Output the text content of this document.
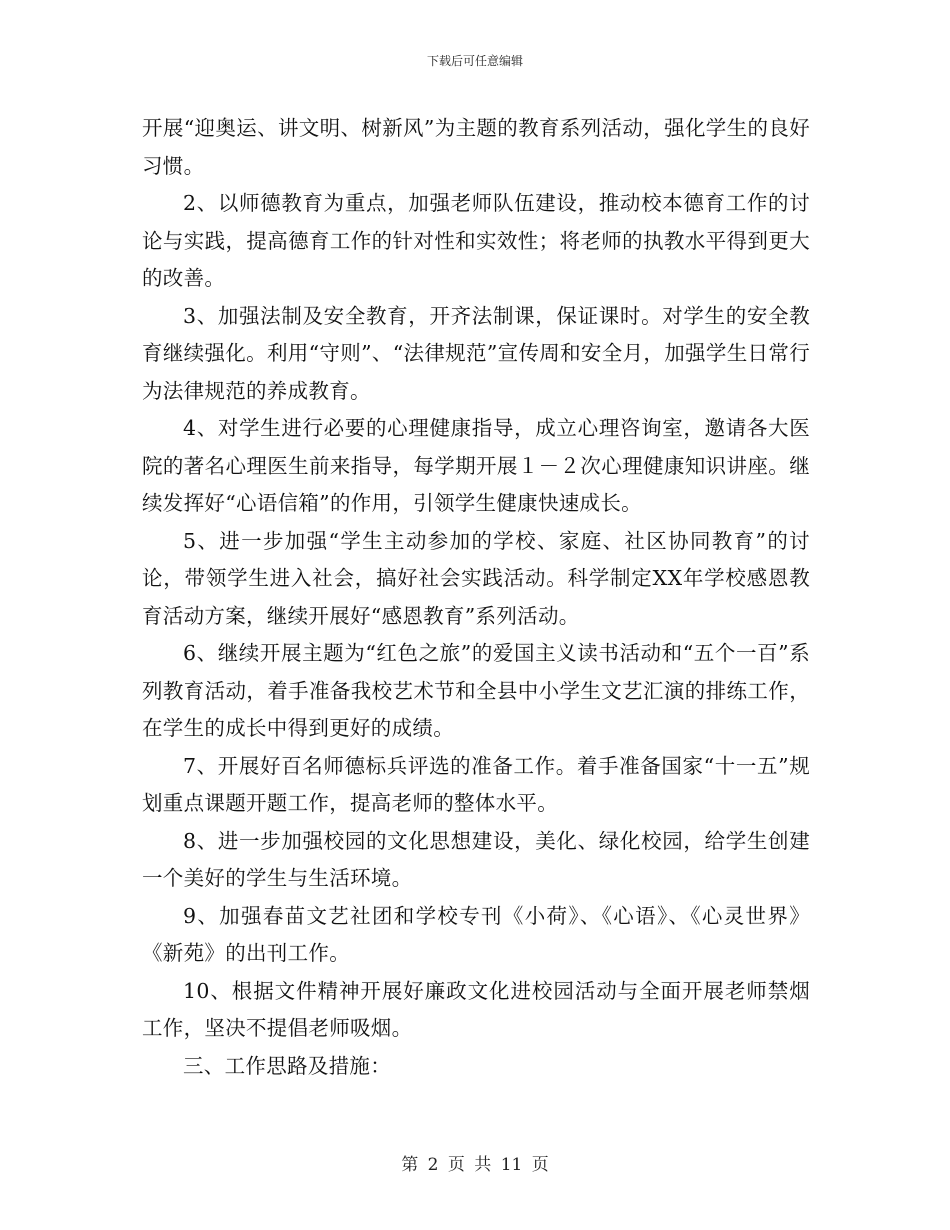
下载后可任意编辑

开展“迎奥运、讲文明、树新风”为主题的教育系列活动，强化学生的良好习惯。

2、以师德教育为重点，加强老师队伍建设，推动校本德育工作的讨论与实践，提高德育工作的针对性和实效性；将老师的执教水平得到更大的改善。

3、加强法制及安全教育，开齐法制课，保证课时。对学生的安全教育继续强化。利用“守则”、“法律规范”宣传周和安全月，加强学生日常行为法律规范的养成教育。

4、对学生进行必要的心理健康指导，成立心理咨询室，邀请各大医院的著名心理医生前来指导，每学期开展１－２次心理健康知识讲座。继续发挥好“心语信箱”的作用，引领学生健康快速成长。

5、进一步加强“学生主动参加的学校、家庭、社区协同教育”的讨论，带领学生进入社会，搞好社会实践活动。科学制定XX年学校感恩教育活动方案，继续开展好“感恩教育”系列活动。

6、继续开展主题为“红色之旅”的爱国主义读书活动和“五个一百”系列教育活动，着手准备我校艺术节和全县中小学生文艺汇演的排练工作，在学生的成长中得到更好的成绩。

7、开展好百名师德标兵评选的准备工作。着手准备国家“十一五”规划重点课题开题工作，提高老师的整体水平。

8、进一步加强校园的文化思想建设，美化、绿化校园，给学生创建一个美好的学生与生活环境。

9、加强春苗文艺社团和学校专刊《小荷》、《心语》、《心灵世界》《新苑》的出刊工作。

10、根据文件精神开展好廉政文化进校园活动与全面开展老师禁烟工作，坚决不提倡老师吸烟。

三、工作思路及措施：

第 2 页 共 11 页
